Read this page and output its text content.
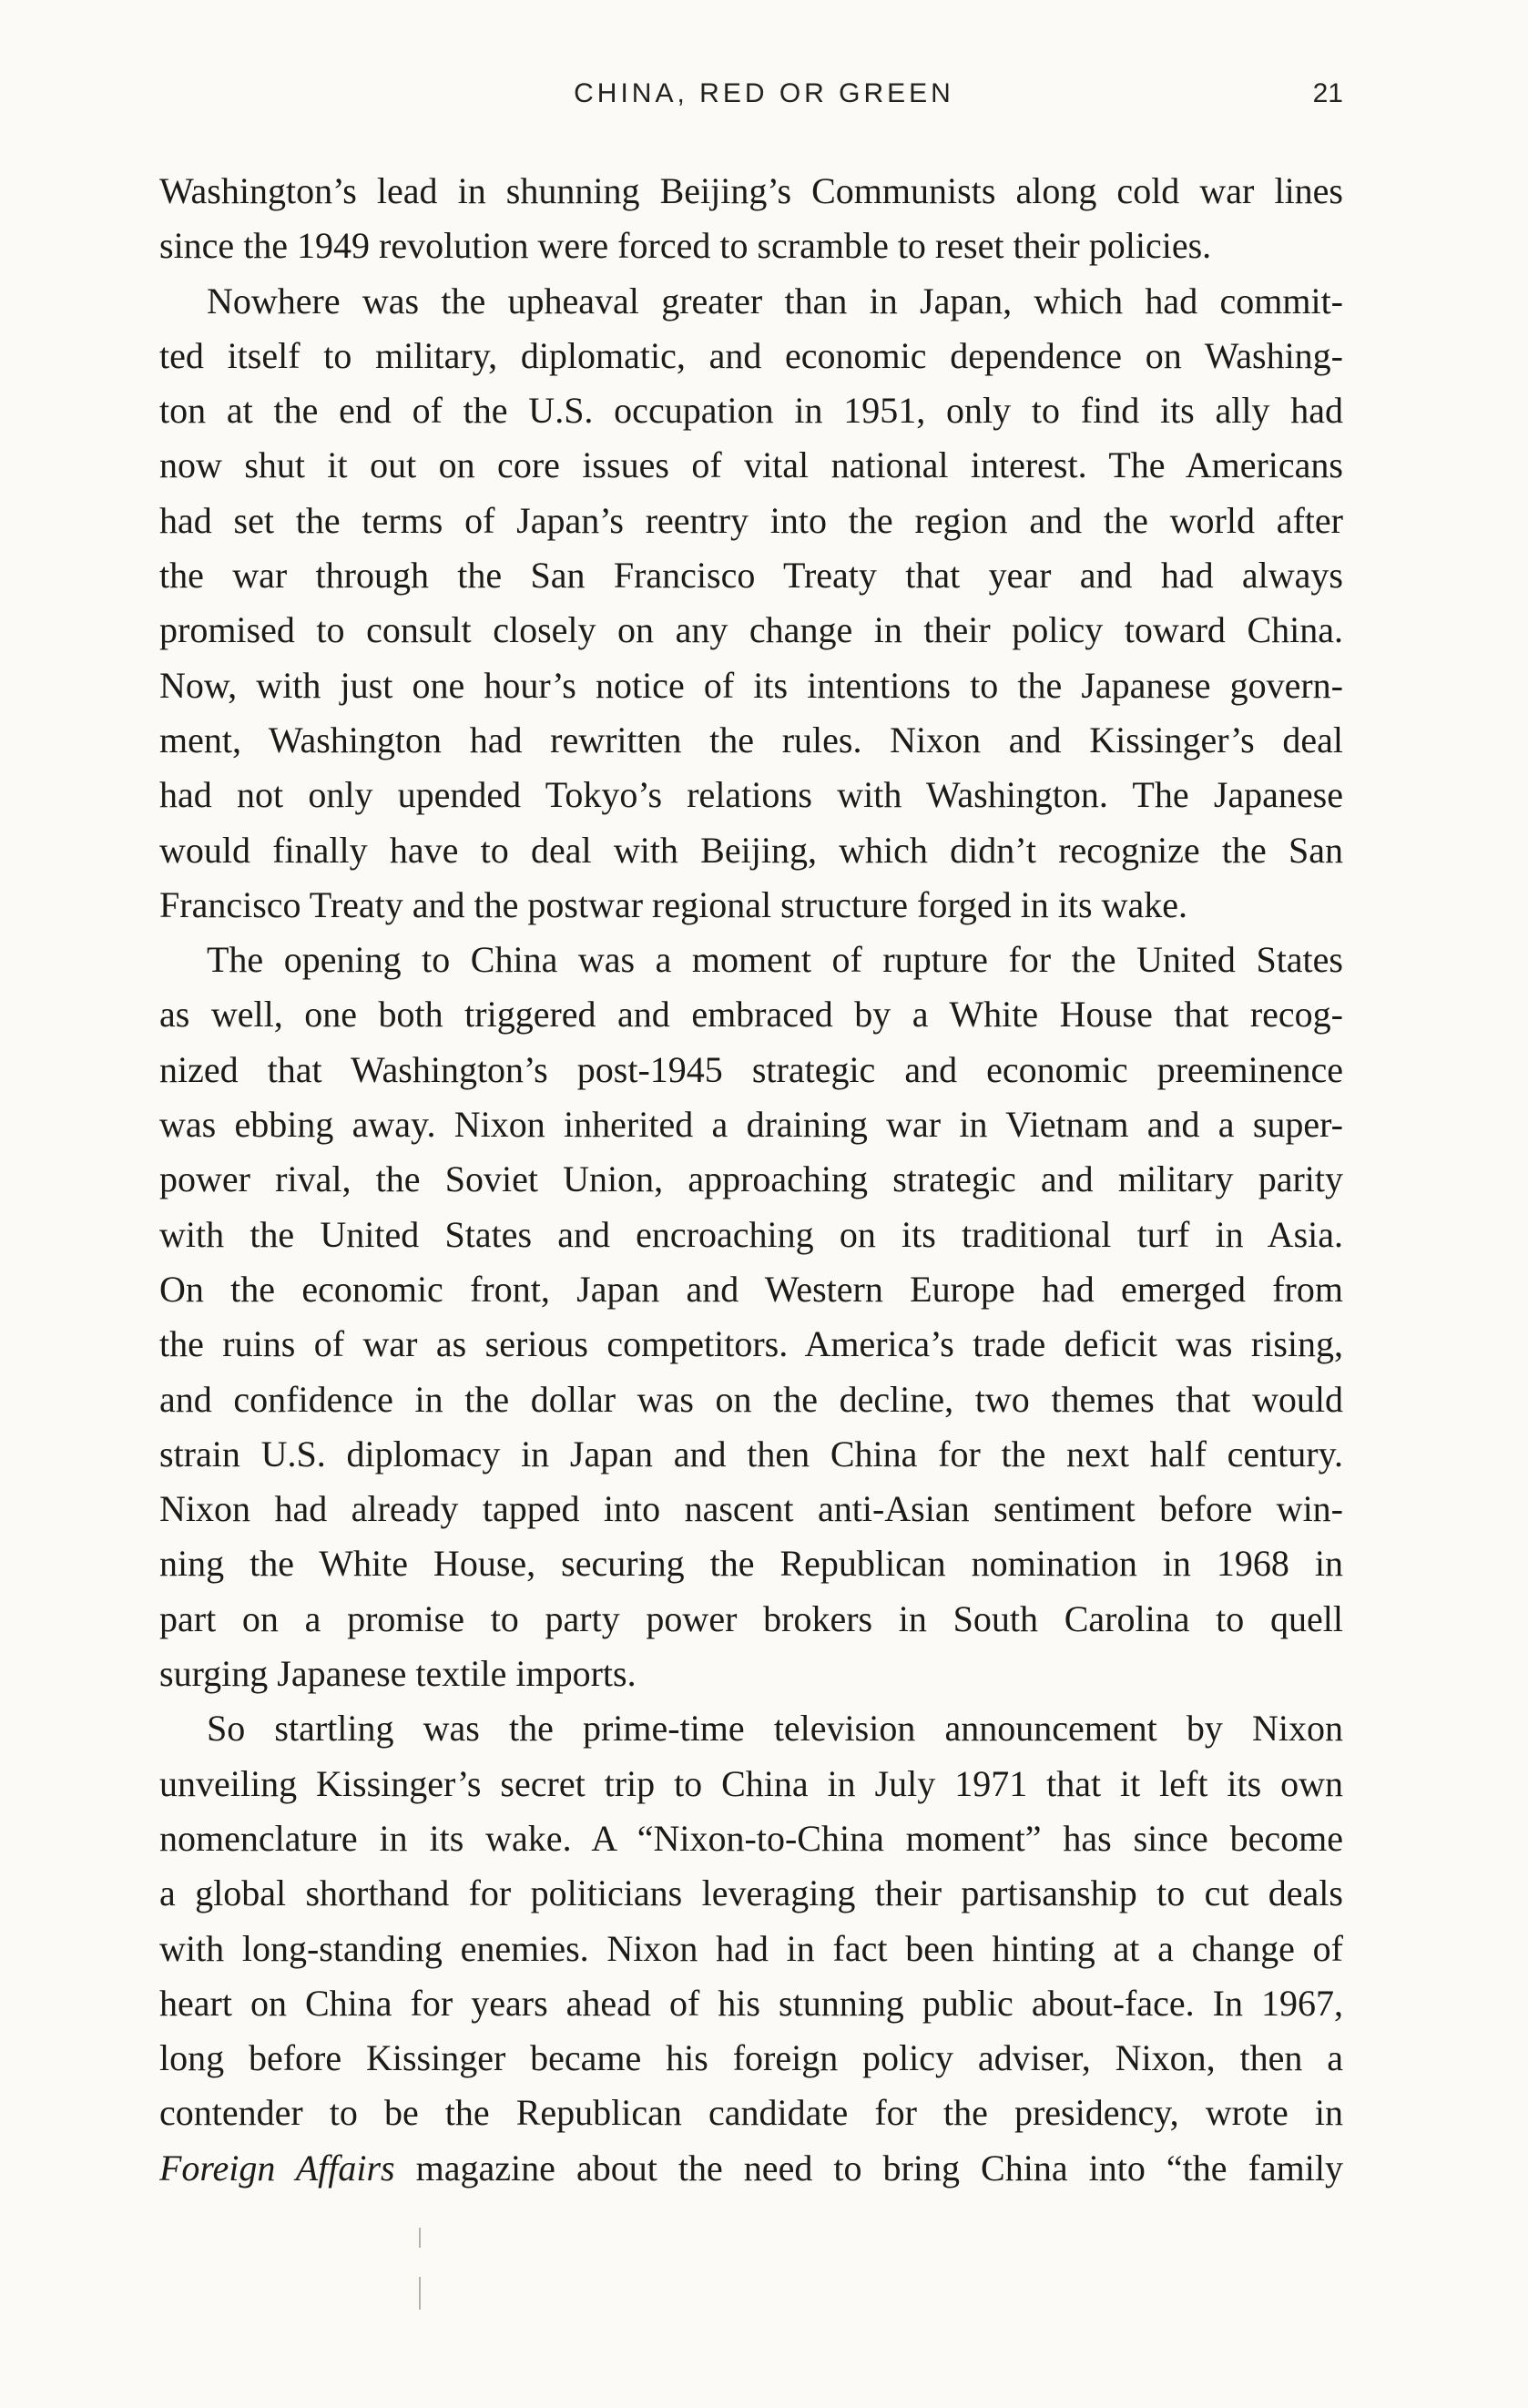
CHINA, RED OR GREEN	21
Washington’s lead in shunning Beijing’s Communists along cold war lines
since the 1949 revolution were forced to scramble to reset their policies.
Nowhere was the upheaval greater than in Japan, which had commit-
ted itself to military, diplomatic, and economic dependence on Washing-
ton at the end of the U.S. occupation in 1951, only to find its ally had
now shut it out on core issues of vital national interest. The Americans
had set the terms of Japan’s reentry into the region and the world after
the war through the San Francisco Treaty that year and had always
promised to consult closely on any change in their policy toward China.
Now, with just one hour’s notice of its intentions to the Japanese govern-
ment, Washington had rewritten the rules. Nixon and Kissinger’s deal
had not only upended Tokyo’s relations with Washington. The Japanese
would finally have to deal with Beijing, which didn’t recognize the San
Francisco Treaty and the postwar regional structure forged in its wake.
The opening to China was a moment of rupture for the United States
as well, one both triggered and embraced by a White House that recog-
nized that Washington’s post-1945 strategic and economic preeminence
was ebbing away. Nixon inherited a draining war in Vietnam and a super-
power rival, the Soviet Union, approaching strategic and military parity
with the United States and encroaching on its traditional turf in Asia.
On the economic front, Japan and Western Europe had emerged from
the ruins of war as serious competitors. America’s trade deficit was rising,
and confidence in the dollar was on the decline, two themes that would
strain U.S. diplomacy in Japan and then China for the next half century.
Nixon had already tapped into nascent anti-Asian sentiment before win-
ning the White House, securing the Republican nomination in 1968 in
part on a promise to party power brokers in South Carolina to quell
surging Japanese textile imports.
So startling was the prime-time television announcement by Nixon
unveiling Kissinger’s secret trip to China in July 1971 that it left its own
nomenclature in its wake. A “Nixon-to-China moment” has since become
a global shorthand for politicians leveraging their partisanship to cut deals
with long-standing enemies. Nixon had in fact been hinting at a change of
heart on China for years ahead of his stunning public about-face. In 1967,
long before Kissinger became his foreign policy adviser, Nixon, then a
contender to be the Republican candidate for the presidency, wrote in
Foreign Affairs magazine about the need to bring China into “the family
